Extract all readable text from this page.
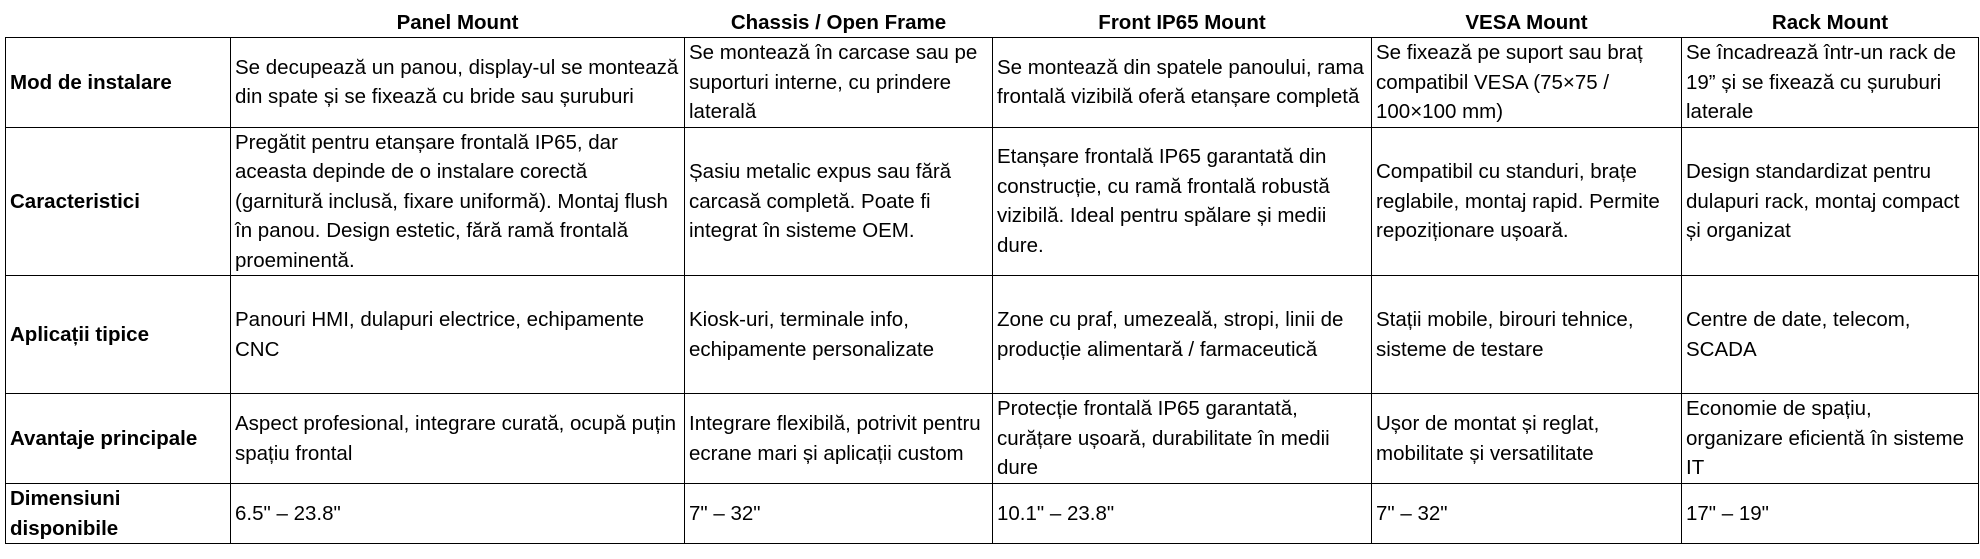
	Panel Mount	Chassis / Open Frame	Front IP65 Mount	VESA Mount	Rack Mount
Mod de instalare	Se decupează un panou, display-ul se montează din spate și se fixează cu bride sau șuruburi	Se montează în carcase sau pe suporturi interne, cu prindere laterală	Se montează din spatele panoului, rama frontală vizibilă oferă etanșare completă	Se fixează pe suport sau braț compatibil VESA (75×75 / 100×100 mm)	Se încadrează într-un rack de 19” și se fixează cu șuruburi laterale
Caracteristici	Pregătit pentru etanșare frontală IP65, dar aceasta depinde de o instalare corectă (garnitură inclusă, fixare uniformă). Montaj flush în panou. Design estetic, fără ramă frontală proeminentă.	Șasiu metalic expus sau fără carcasă completă. Poate fi integrat în sisteme OEM.	Etanșare frontală IP65 garantată din construcție, cu ramă frontală robustă vizibilă. Ideal pentru spălare și medii dure.	Compatibil cu standuri, brațe reglabile, montaj rapid. Permite repoziționare ușoară.	Design standardizat pentru dulapuri rack, montaj compact și organizat
Aplicații tipice	Panouri HMI, dulapuri electrice, echipamente CNC	Kiosk-uri, terminale info, echipamente personalizate	Zone cu praf, umezeală, stropi, linii de producție alimentară / farmaceutică	Stații mobile, birouri tehnice, sisteme de testare	Centre de date, telecom, SCADA
Avantaje principale	Aspect profesional, integrare curată, ocupă puțin spațiu frontal	Integrare flexibilă, potrivit pentru ecrane mari și aplicații custom	Protecție frontală IP65 garantată, curățare ușoară, durabilitate în medii dure	Ușor de montat și reglat, mobilitate și versatilitate	Economie de spațiu, organizare eficientă în sisteme IT
Dimensiuni disponibile	6.5" – 23.8"	7" – 32"	10.1" – 23.8"	7" – 32"	17" – 19"
